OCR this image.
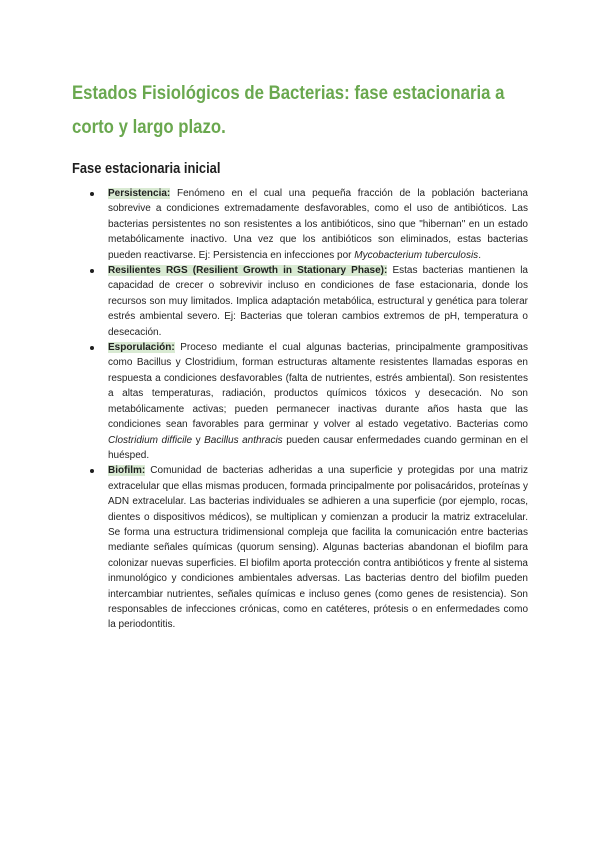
Estados Fisiológicos de Bacterias: fase estacionaria a corto y largo plazo.
Fase estacionaria inicial
Persistencia: Fenómeno en el cual una pequeña fracción de la población bacteriana sobrevive a condiciones extremadamente desfavorables, como el uso de antibióticos. Las bacterias persistentes no son resistentes a los antibióticos, sino que "hibernan" en un estado metabólicamente inactivo. Una vez que los antibióticos son eliminados, estas bacterias pueden reactivarse. Ej: Persistencia en infecciones por Mycobacterium tuberculosis.
Resilientes RGS (Resilient Growth in Stationary Phase): Estas bacterias mantienen la capacidad de crecer o sobrevivir incluso en condiciones de fase estacionaria, donde los recursos son muy limitados. Implica adaptación metabólica, estructural y genética para tolerar estrés ambiental severo. Ej: Bacterias que toleran cambios extremos de pH, temperatura o desecación.
Esporulación: Proceso mediante el cual algunas bacterias, principalmente grampositivas como Bacillus y Clostridium, forman estructuras altamente resistentes llamadas esporas en respuesta a condiciones desfavorables (falta de nutrientes, estrés ambiental). Son resistentes a altas temperaturas, radiación, productos químicos tóxicos y desecación. No son metabólicamente activas; pueden permanecer inactivas durante años hasta que las condiciones sean favorables para germinar y volver al estado vegetativo. Bacterias como Clostridium difficile y Bacillus anthracis pueden causar enfermedades cuando germinan en el huésped.
Biofilm: Comunidad de bacterias adheridas a una superficie y protegidas por una matriz extracelular que ellas mismas producen, formada principalmente por polisacáridos, proteínas y ADN extracelular. Las bacterias individuales se adhieren a una superficie (por ejemplo, rocas, dientes o dispositivos médicos), se multiplican y comienzan a producir la matriz extracelular. Se forma una estructura tridimensional compleja que facilita la comunicación entre bacterias mediante señales químicas (quorum sensing). Algunas bacterias abandonan el biofilm para colonizar nuevas superficies. El biofilm aporta protección contra antibióticos y frente al sistema inmunológico y condiciones ambientales adversas. Las bacterias dentro del biofilm pueden intercambiar nutrientes, señales químicas e incluso genes (como genes de resistencia). Son responsables de infecciones crónicas, como en catéteres, prótesis o en enfermedades como la periodontitis.
